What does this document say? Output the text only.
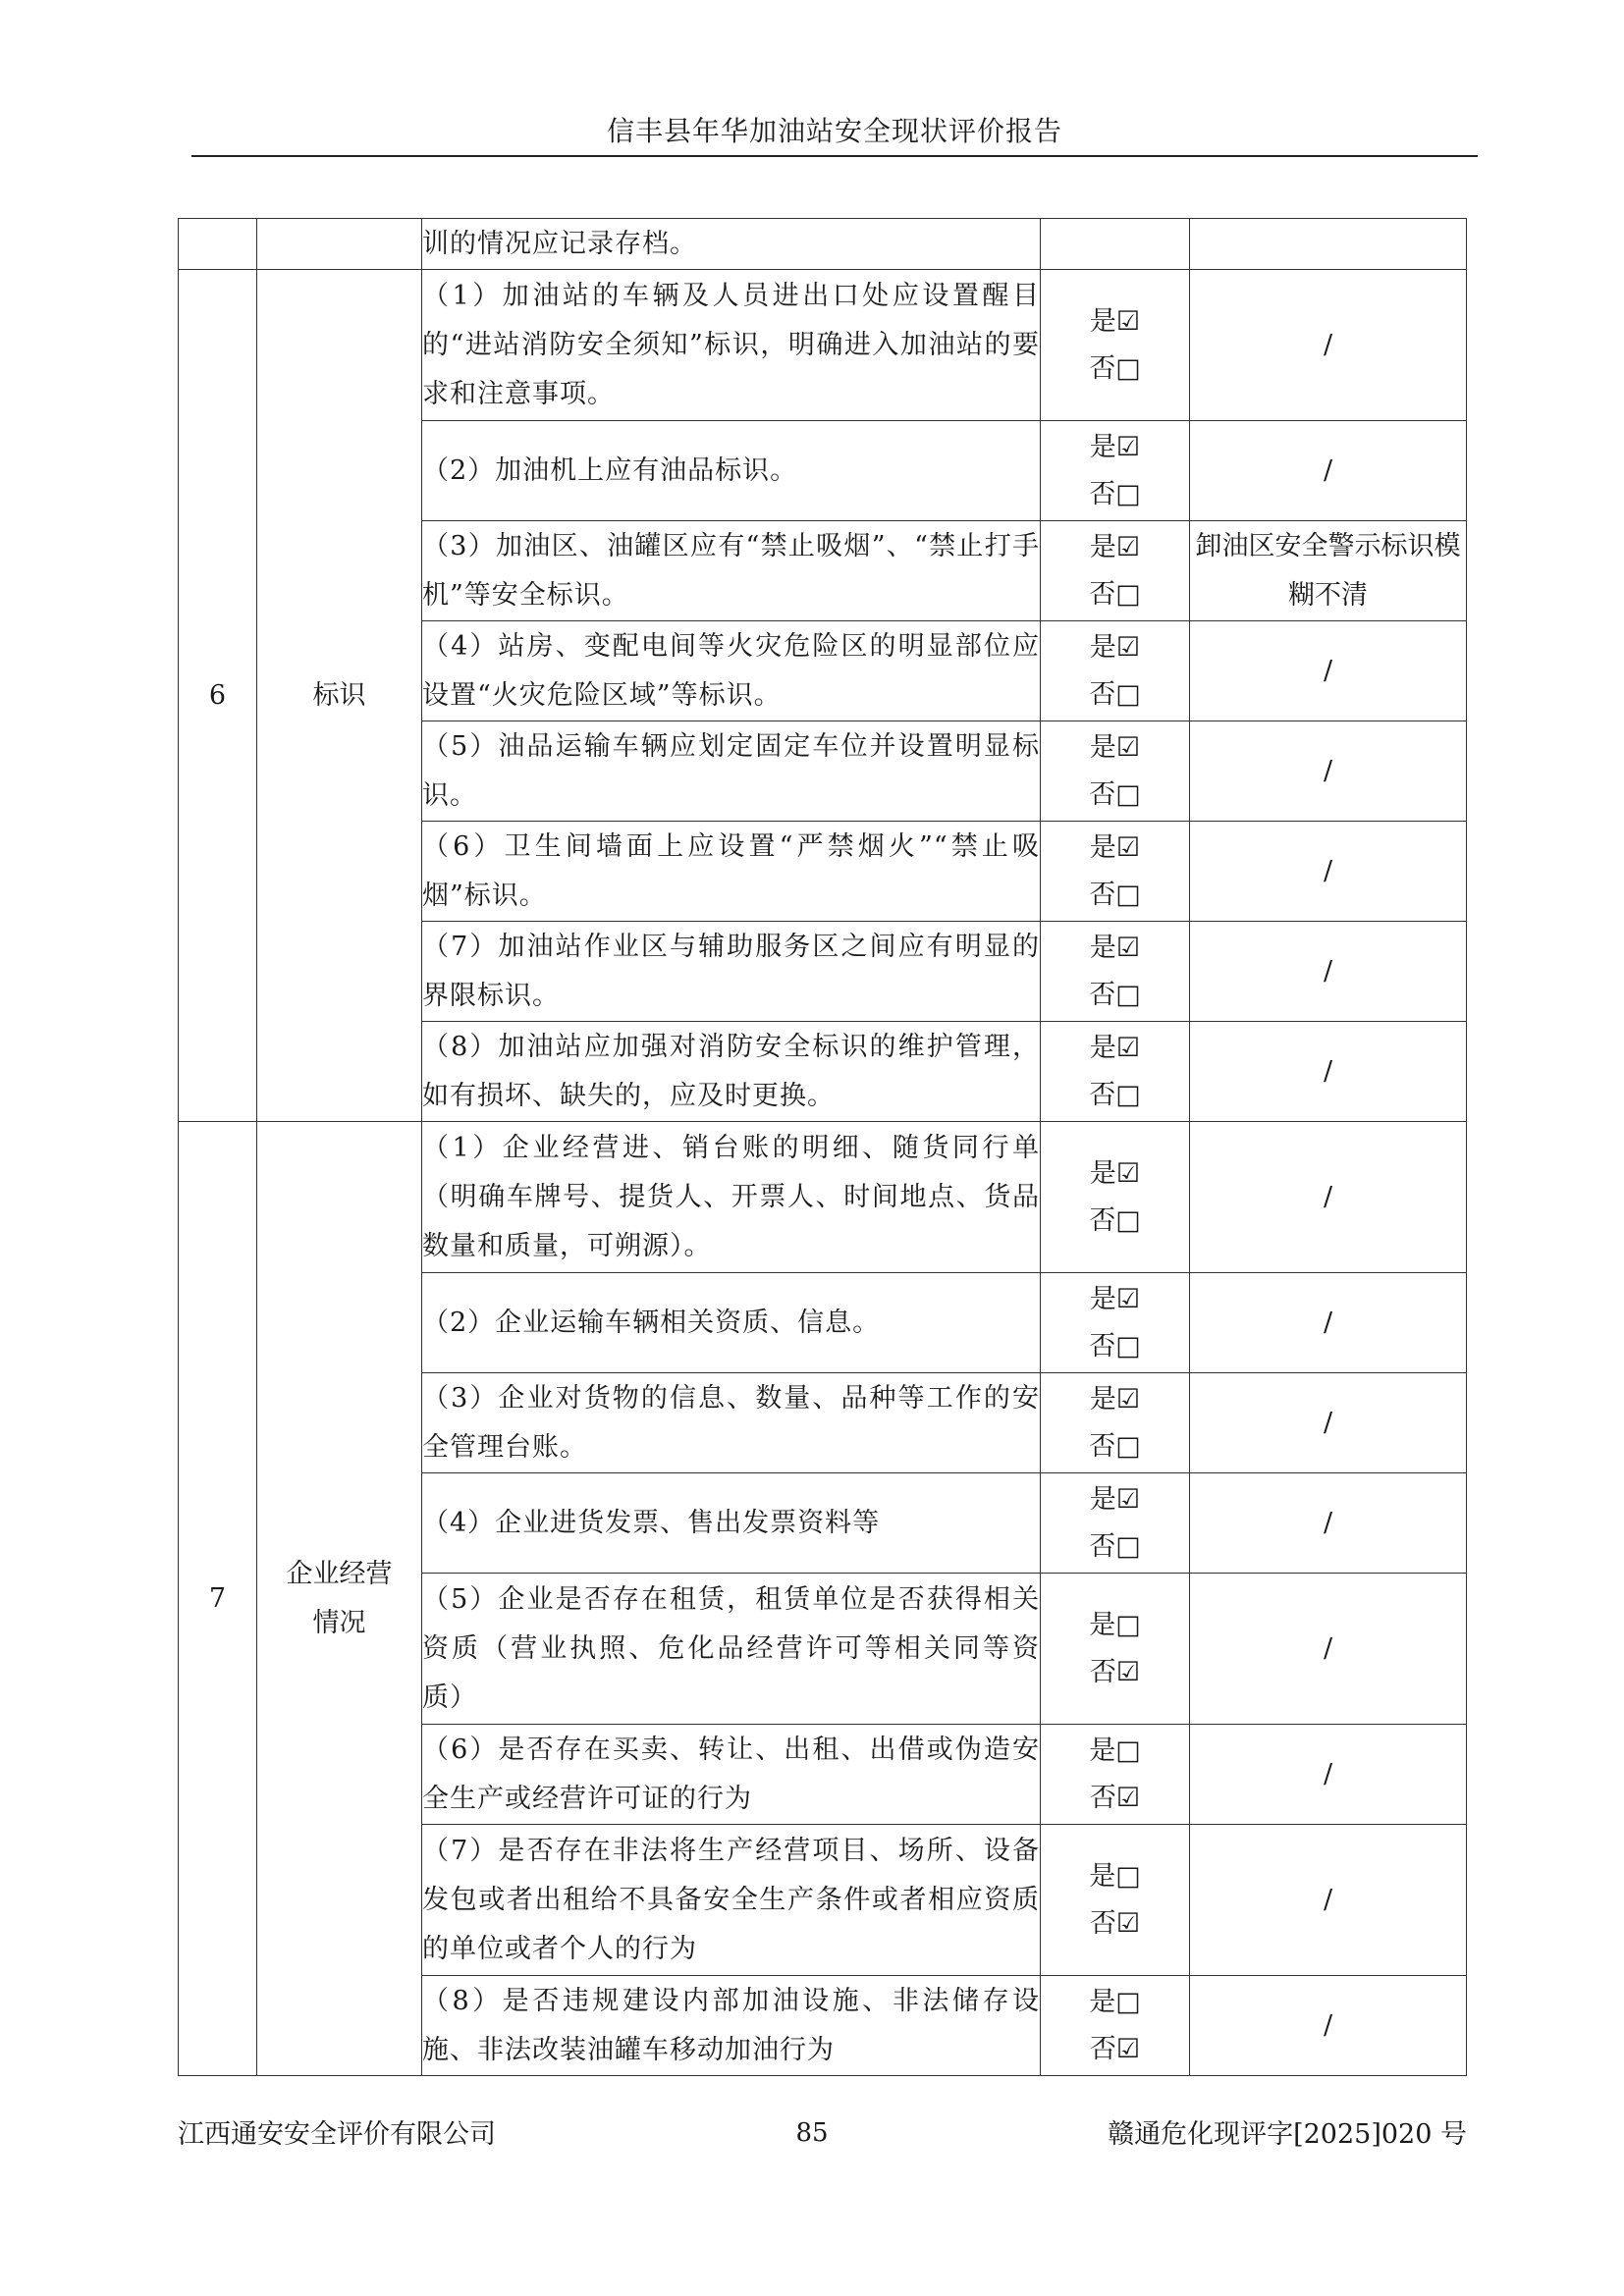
信丰县年华加油站安全现状评价报告
		训的情况应记录存档。	

6	标识	（1）加油站的车辆及人员进出口处应设置醒目的“进站消防安全须知”标识，明确进入加油站的要求和注意事项。	是☑
否□	/
		（2）加油机上应有油品标识。	是☑
否□	/
		（3）加油区、油罐区应有“禁止吸烟”、“禁止打手机”等安全标识。	是☑
否□	卸油区安全警示标识模糊不清
		（4）站房、变配电间等火灾危险区的明显部位应设置“火灾危险区域”等标识。	是☑
否□	/
		（5）油品运输车辆应划定固定车位并设置明显标识。	是☑
否□	/
		（6）卫生间墙面上应设置“严禁烟火”“禁止吸烟”标识。	是☑
否□	/
		（7）加油站作业区与辅助服务区之间应有明显的界限标识。	是☑
否□	/
		（8）加油站应加强对消防安全标识的维护管理，如有损坏、缺失的，应及时更换。	是☑
否□	/
7	企业经营情况	（1）企业经营进、销台账的明细、随货同行单（明确车牌号、提货人、开票人、时间地点、货品数量和质量，可朔源）。	是☑
否□	/
		（2）企业运输车辆相关资质、信息。	是☑
否□	/
		（3）企业对货物的信息、数量、品种等工作的安全管理台账。	是☑
否□	/
		（4）企业进货发票、售出发票资料等	是☑
否□	/
		（5）企业是否存在租赁，租赁单位是否获得相关资质（营业执照、危化品经营许可等相关同等资质）	是□
否☑	/
		（6）是否存在买卖、转让、出租、出借或伪造安全生产或经营许可证的行为	是□
否☑	/
		（7）是否存在非法将生产经营项目、场所、设备发包或者出租给不具备安全生产条件或者相应资质的单位或者个人的行为	是□
否☑	/
		（8）是否违规建设内部加油设施、非法储存设施、非法改装油罐车移动加油行为	是□
否☑	/
江西通安安全评价有限公司	85	赣通危化现评字[2025]020 号
